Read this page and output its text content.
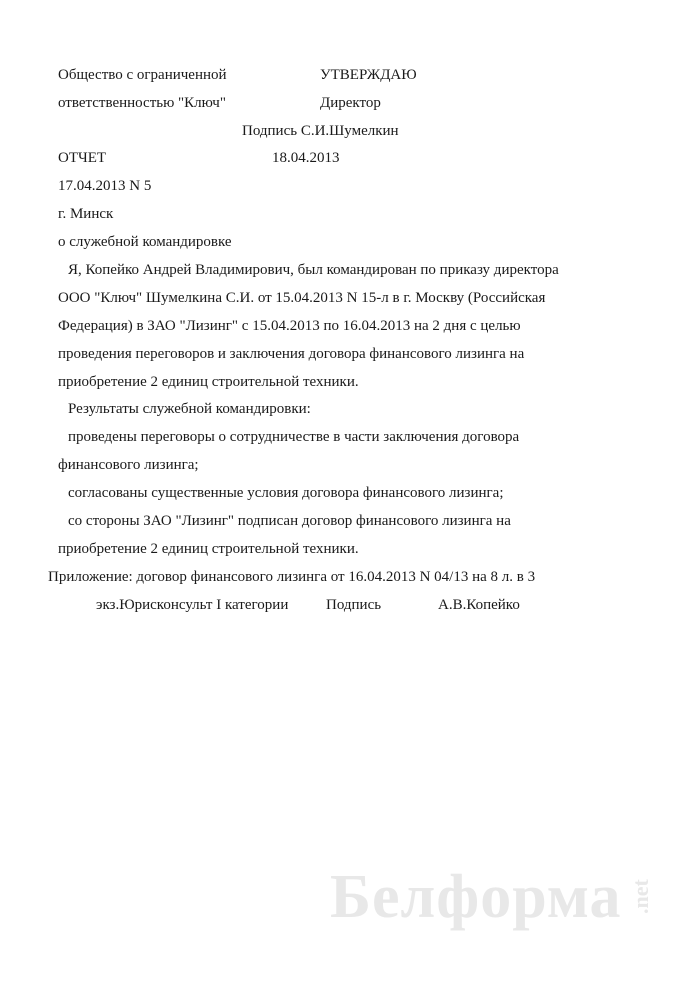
Общество с ограниченной
ответственностью "Ключ"
УТВЕРЖДАЮ
Директор
Подпись С.И.Шумелкин
18.04.2013
ОТЧЕТ
17.04.2013 N 5
г. Минск
о служебной командировке
Я, Копейко Андрей Владимирович, был командирован по приказу директора
ООО "Ключ" Шумелкина С.И. от 15.04.2013 N 15-л в г. Москву (Российская
Федерация) в ЗАО "Лизинг" с 15.04.2013 по 16.04.2013 на 2 дня с целью
проведения переговоров и заключения договора финансового лизинга на
приобретение 2 единиц строительной техники.
Результаты служебной командировки:
проведены переговоры о сотрудничестве в части заключения договора
финансового лизинга;
согласованы существенные условия договора финансового лизинга;
со стороны ЗАО "Лизинг" подписан договор финансового лизинга на
приобретение 2 единиц строительной техники.
Приложение: договор финансового лизинга от 16.04.2013 N 04/13 на 8 л. в 3
экз.Юрисконсульт I категории	Подпись	А.В.Копейко
Белформа .net
